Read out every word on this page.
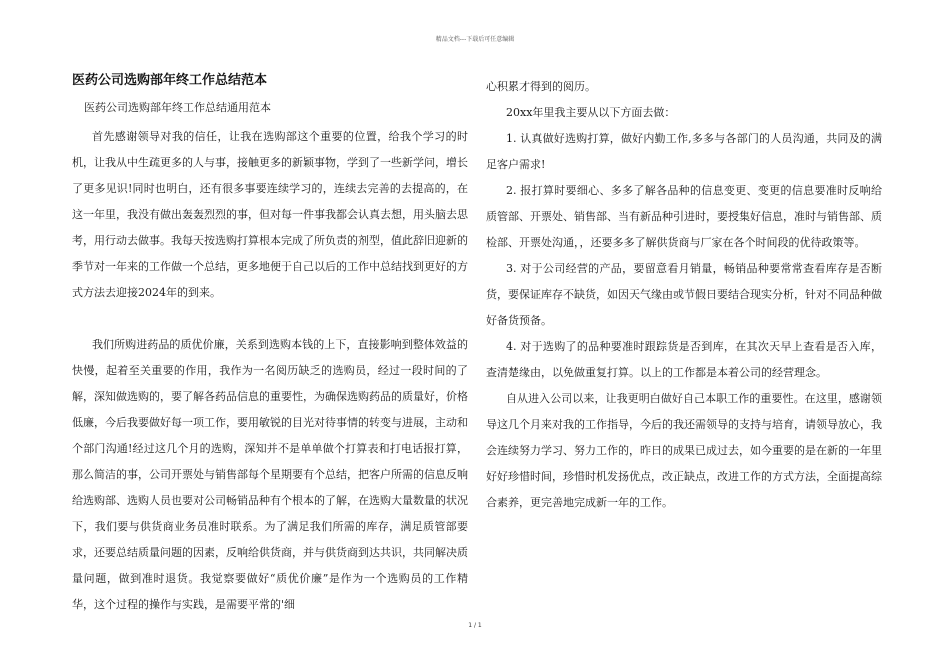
精品文档---下载后可任意编辑
医药公司选购部年终工作总结范本
医药公司选购部年终工作总结通用范本

首先感谢领导对我的信任，让我在选购部这个重要的位置，给我个学习的时机，让我从中生疏更多的人与事，接触更多的新颖事物，学到了一些新学问，增长了更多见识!同时也明白，还有很多事要连续学习的，连续去完善的去提高的，在这一年里，我没有做出轰轰烈烈的事，但对每一件事我都会认真去想，用头脑去思考，用行动去做事。我每天按选购打算根本完成了所负责的剂型，值此辞旧迎新的季节对一年来的工作做一个总结，更多地便于自己以后的工作中总结找到更好的方式方法去迎接2024年的到来。

我们所购进药品的质优价廉，关系到选购本钱的上下，直接影响到整体效益的快慢，起着至关重要的作用，我作为一名阅历缺乏的选购员，经过一段时间的了解，深知做选购的，要了解各药品信息的重要性，为确保选购药品的质量好，价格低廉，今后我要做好每一项工作，要用敏锐的目光对待事情的转变与进展，主动和个部门沟通!经过这几个月的选购，深知并不是单单做个打算表和打电话报打算，那么简洁的事，公司开票处与销售部每个星期要有个总结，把客户所需的信息反响给选购部、选购人员也要对公司畅销品种有个根本的了解，在选购大量数量的状况下，我们要与供货商业务员准时联系。为了满足我们所需的库存，满足质管部要求，还要总结质量问题的因素，反响给供货商，并与供货商到达共识，共同解决质量问题，做到准时退货。我觉察要做好“质优价廉”是作为一个选购员的工作精华，这个过程的操作与实践，是需要平常的'细

心积累才得到的阅历。

20xx年里我主要从以下方面去做：

1. 认真做好选购打算，做好内勤工作,多多与各部门的人员沟通，共同及的满足客户需求!

2. 报打算时要细心、多多了解各品种的信息变更、变更的信息要准时反响给质管部、开票处、销售部、当有新品种引进时，要授集好信息，准时与销售部、质检部、开票处沟通，，还要多多了解供货商与厂家在各个时间段的优待政策等。

3. 对于公司经营的产品，要留意看月销量，畅销品种要常常查看库存是否断货，要保证库存不缺货，如因天气缘由或节假日要结合现实分析，针对不同品种做好备货预备。

4. 对于选购了的品种要准时跟踪货是否到库，在其次天早上查看是否入库，查清楚缘由，以免做重复打算。以上的工作都是本着公司的经营理念。

自从进入公司以来，让我更明白做好自己本职工作的重要性。在这里，感谢领导这几个月来对我的工作指导，今后的我还需领导的支持与培育，请领导放心，我会连续努力学习、努力工作的，昨日的成果已成过去，如今重要的是在新的一年里好好珍惜时间，珍惜时机发扬优点，改正缺点，改进工作的方式方法，全面提高综合素养，更完善地完成新一年的工作。

1 / 1
